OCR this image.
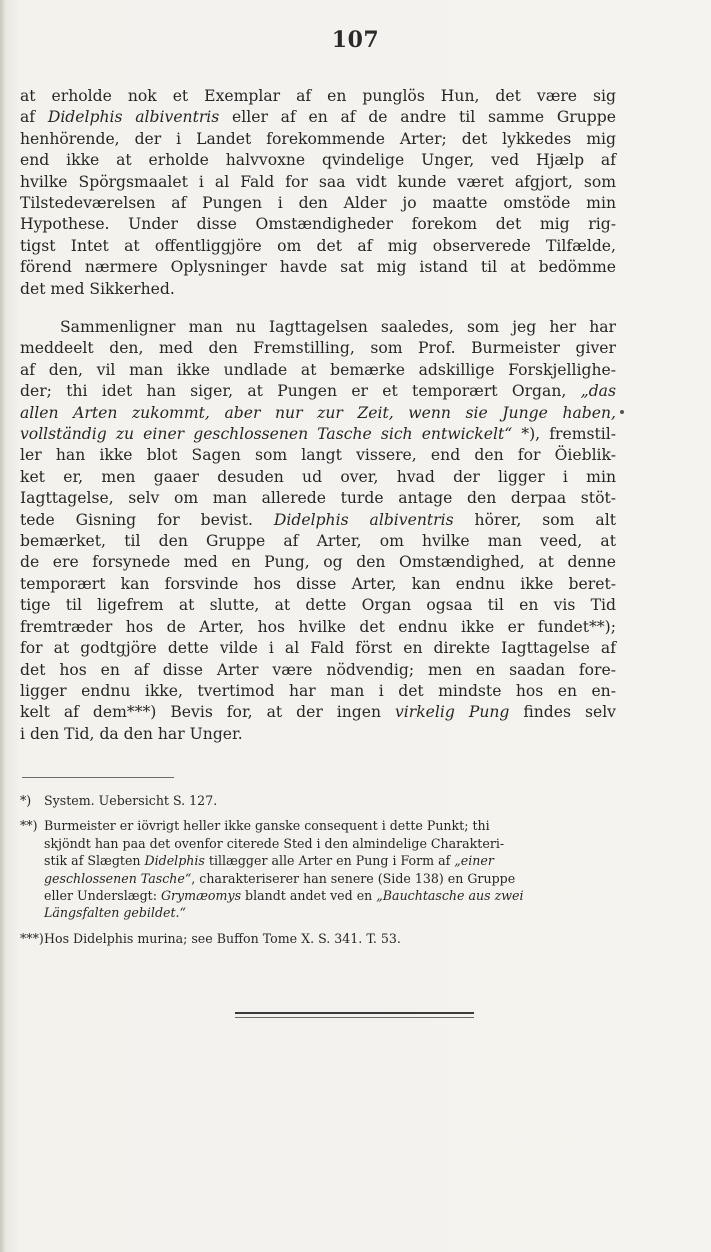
107
at erholde nok et Exemplar af en punglös Hun, det være sig
af Didelphis albiventris eller af en af de andre til samme Gruppe
henhörende, der i Landet forekommende Arter; det lykkedes mig
end ikke at erholde halvvoxne qvindelige Unger, ved Hjælp af
hvilke Spörgsmaalet i al Fald for saa vidt kunde været afgjort, som
Tilstedeværelsen af Pungen i den Alder jo maatte omstöde min
Hypothese. Under disse Omstændigheder forekom det mig rig-
tigst Intet at offentliggjöre om det af mig observerede Tilfælde,
förend nærmere Oplysninger havde sat mig istand til at bedömme
det med Sikkerhed.
Sammenligner man nu Iagttagelsen saaledes, som jeg her har
meddeelt den, med den Fremstilling, som Prof. Burmeister giver
af den, vil man ikke undlade at bemærke adskillige Forskjellighe-
der; thi idet han siger, at Pungen er et temporært Organ, „das
allen Arten zukommt, aber nur zur Zeit, wenn sie Junge haben,
vollständig zu einer geschlossenen Tasche sich entwickelt“ *), fremstil-
ler han ikke blot Sagen som langt vissere, end den for Öieblik-
ket er, men gaaer desuden ud over, hvad der ligger i min
Iagttagelse, selv om man allerede turde antage den derpaa stöt-
tede Gisning for bevist. Didelphis albiventris hörer, som alt
bemærket, til den Gruppe af Arter, om hvilke man veed, at
de ere forsynede med en Pung, og den Omstændighed, at denne
temporært kan forsvinde hos disse Arter, kan endnu ikke beret-
tige til ligefrem at slutte, at dette Organ ogsaa til en vis Tid
fremtræder hos de Arter, hos hvilke det endnu ikke er fundet**);
for at godtgjöre dette vilde i al Fald först en direkte Iagttagelse af
det hos en af disse Arter være nödvendig; men en saadan fore-
ligger endnu ikke, tvertimod har man i det mindste hos en en-
kelt af dem***) Bevis for, at der ingen virkelig Pung findes selv
i den Tid, da den har Unger.
*) System. Uebersicht S. 127.
**) Burmeister er iövrigt heller ikke ganske consequent i dette Punkt; thi
skjöndt han paa det ovenfor citerede Sted i den almindelige Charakteri-
stik af Slægten Didelphis tillægger alle Arter en Pung i Form af „einer
geschlossenen Tasche“, charakteriserer han senere (Side 138) en Gruppe
eller Underslægt: Grymæomys blandt andet ved en „Bauchtasche aus zwei
Längsfalten gebildet.“
***)Hos Didelphis murina; see Buffon Tome X. S. 341. T. 53.
